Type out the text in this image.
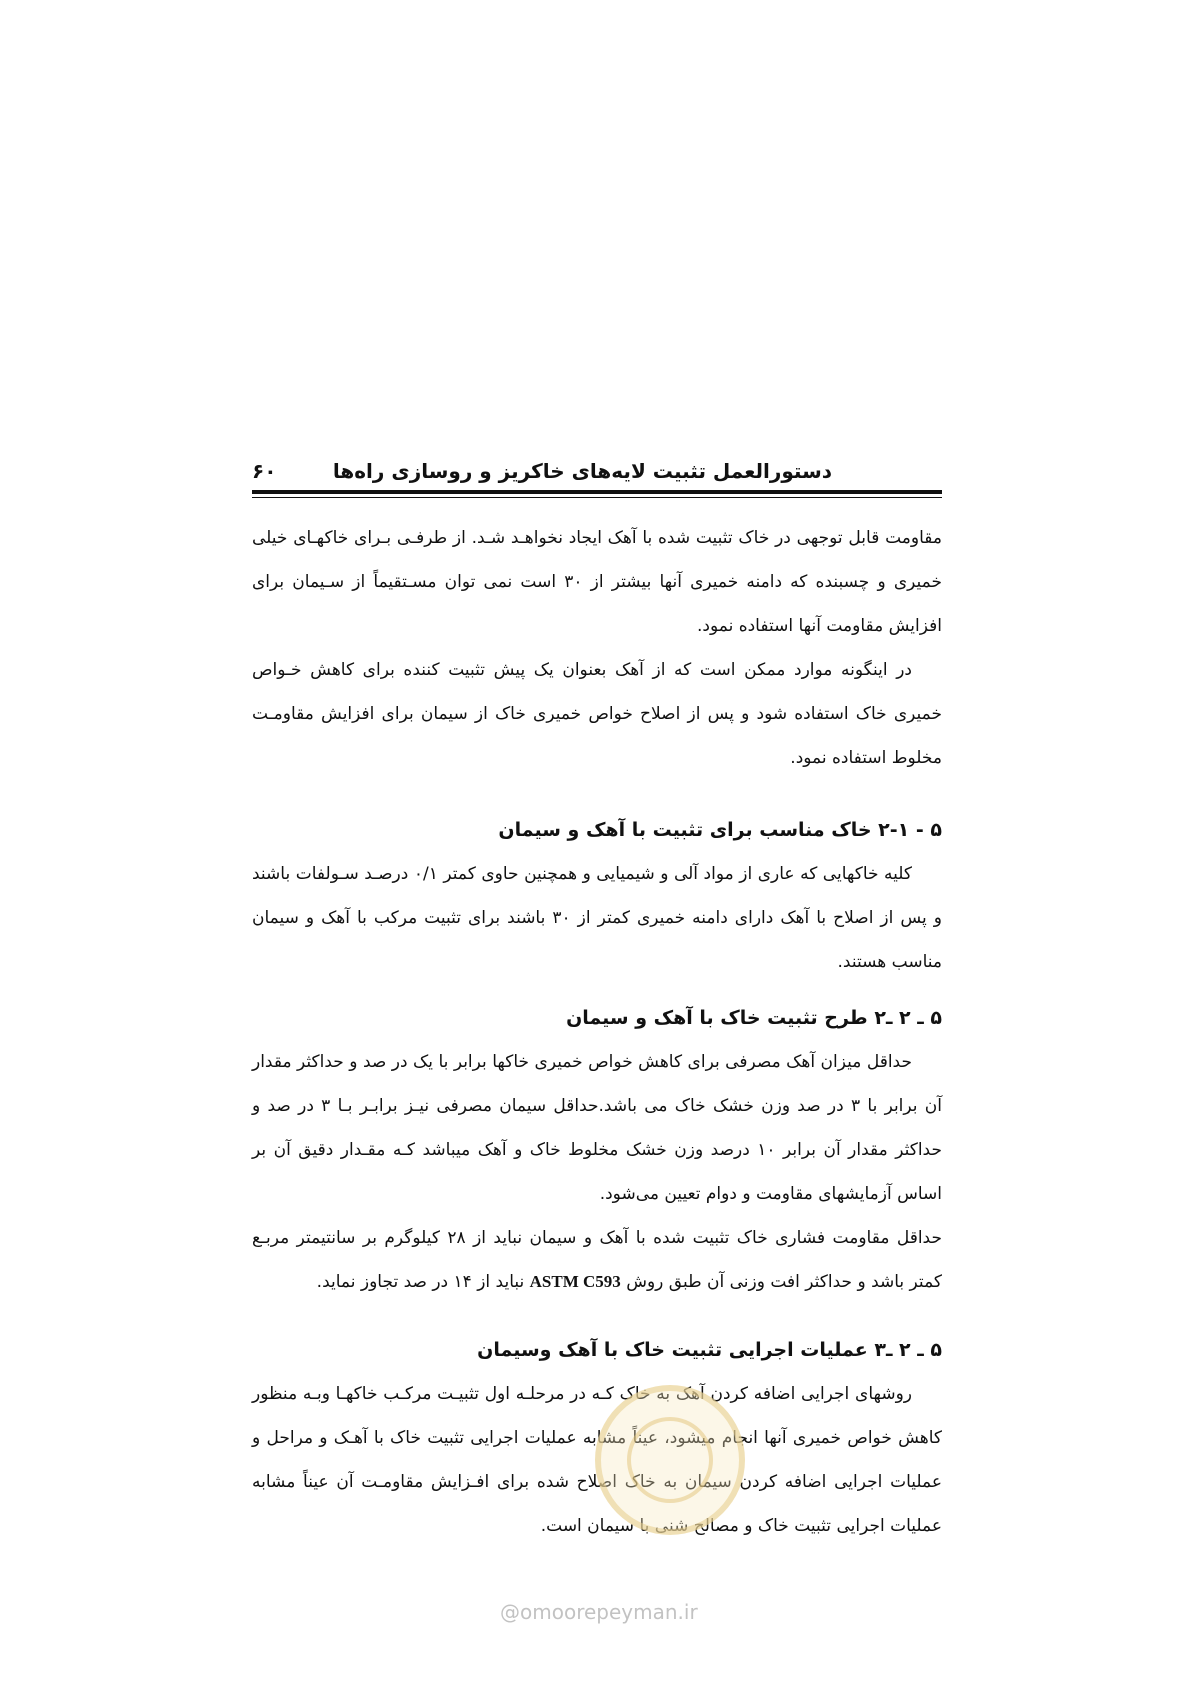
۶۰	دستورالعمل تثبیت لایه‌های خاکریز و روسازی راه‌ها

مقاومت قابل توجهی در خاک تثبیت شده با آهک ایجاد نخواهـد شـد. از طرفـی بـرای خاکهـای خیلی خمیری و چسبنده که دامنه خمیری آنها بیشتر از ۳۰ است نمی توان مسـتقیماً از سـیمان برای افزایش مقاومت آنها استفاده نمود.

در اینگونه موارد ممکن است که از آهک بعنوان یک پیش تثبیت کننده برای کاهش خـواص خمیری خاک استفاده شود و پس از اصلاح خواص خمیری خاک از سیمان برای افزایش مقاومـت مخلوط استفاده نمود.

۵ - ۲-۱ خاک مناسب برای تثبیت با آهک و سیمان

کلیه خاکهایی که عاری از مواد آلی و شیمیایی و همچنین حاوی کمتر ۰/۱ درصـد سـولفات باشند و پس از اصلاح با آهک دارای دامنه خمیری کمتر از ۳۰ باشند برای تثبیت مرکب با آهک و سیمان مناسب هستند.

۵ ـ ۲ ـ۲ طرح تثبیت خاک با آهک و سیمان

حداقل میزان آهک مصرفی برای کاهش خواص خمیری خاکها برابر با یک در صد و حداکثر مقدار آن برابر با ۳ در صد وزن خشک خاک می باشد.حداقل سیمان مصرفی نیـز برابـر بـا ۳ در صد و حداکثر مقدار آن برابر ۱۰ درصد وزن خشک مخلوط خاک و آهک میباشد کـه مقـدار دقیق آن بر اساس آزمایشهای مقاومت و دوام تعیین می‌شود.

حداقل مقاومت فشاری خاک تثبیت شده با آهک و سیمان نباید از ۲۸ کیلوگرم بر سانتیمتر مربـع کمتر باشد و حداکثر افت وزنی آن طبق روش ASTM C593 نباید از ۱۴ در صد تجاوز نماید.

۵ ـ ۲ ـ۳ عملیات اجرایی تثبیت خاک با آهک وسیمان

روشهای اجرایی اضافه کردن آهک به خاک کـه در مرحلـه اول تثبیـت مرکـب خاکهـا وبـه منظور کاهش خواص خمیری آنها انجام میشود، عیناً مشابه عملیات اجرایی تثبیت خاک با آهـک و مراحل و عملیات اجرایی اضافه کردن سیمان به خاک اصلاح شده برای افـزایش مقاومـت آن عیناً مشابه عملیات اجرایی تثبیت خاک و مصالح شنی با سیمان است.

@omoorepeyman.ir
